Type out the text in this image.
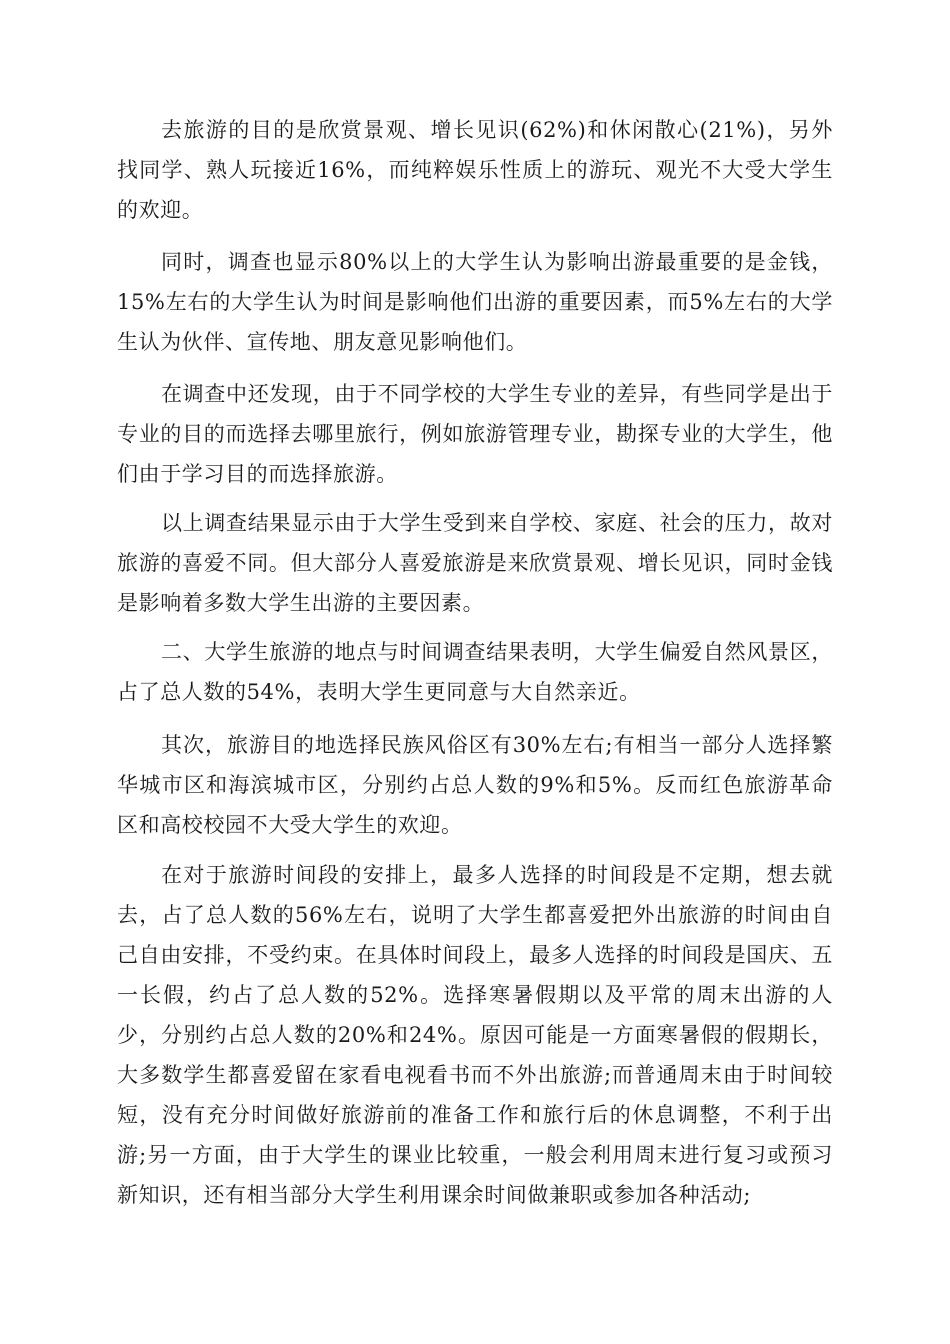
去旅游的目的是欣赏景观、增长见识(62%)和休闲散心(21%)，另外找同学、熟人玩接近16%，而纯粹娱乐性质上的游玩、观光不大受大学生的欢迎。

同时，调查也显示80%以上的大学生认为影响出游最重要的是金钱，15%左右的大学生认为时间是影响他们出游的重要因素，而5%左右的大学生认为伙伴、宣传地、朋友意见影响他们。

在调查中还发现，由于不同学校的大学生专业的差异，有些同学是出于专业的目的而选择去哪里旅行，例如旅游管理专业，勘探专业的大学生，他们由于学习目的而选择旅游。

以上调查结果显示由于大学生受到来自学校、家庭、社会的压力，故对旅游的喜爱不同。但大部分人喜爱旅游是来欣赏景观、增长见识，同时金钱是影响着多数大学生出游的主要因素。

二、大学生旅游的地点与时间调查结果表明，大学生偏爱自然风景区，占了总人数的54%，表明大学生更同意与大自然亲近。

其次，旅游目的地选择民族风俗区有30%左右;有相当一部分人选择繁华城市区和海滨城市区，分别约占总人数的9%和5%。反而红色旅游革命区和高校校园不大受大学生的欢迎。

在对于旅游时间段的安排上，最多人选择的时间段是不定期，想去就去，占了总人数的56%左右，说明了大学生都喜爱把外出旅游的时间由自己自由安排，不受约束。在具体时间段上，最多人选择的时间段是国庆、五一长假，约占了总人数的52%。选择寒暑假期以及平常的周末出游的人少，分别约占总人数的20%和24%。原因可能是一方面寒暑假的假期长，大多数学生都喜爱留在家看电视看书而不外出旅游;而普通周末由于时间较短，没有充分时间做好旅游前的准备工作和旅行后的休息调整，不利于出游;另一方面，由于大学生的课业比较重，一般会利用周末进行复习或预习新知识，还有相当部分大学生利用课余时间做兼职或参加各种活动;
